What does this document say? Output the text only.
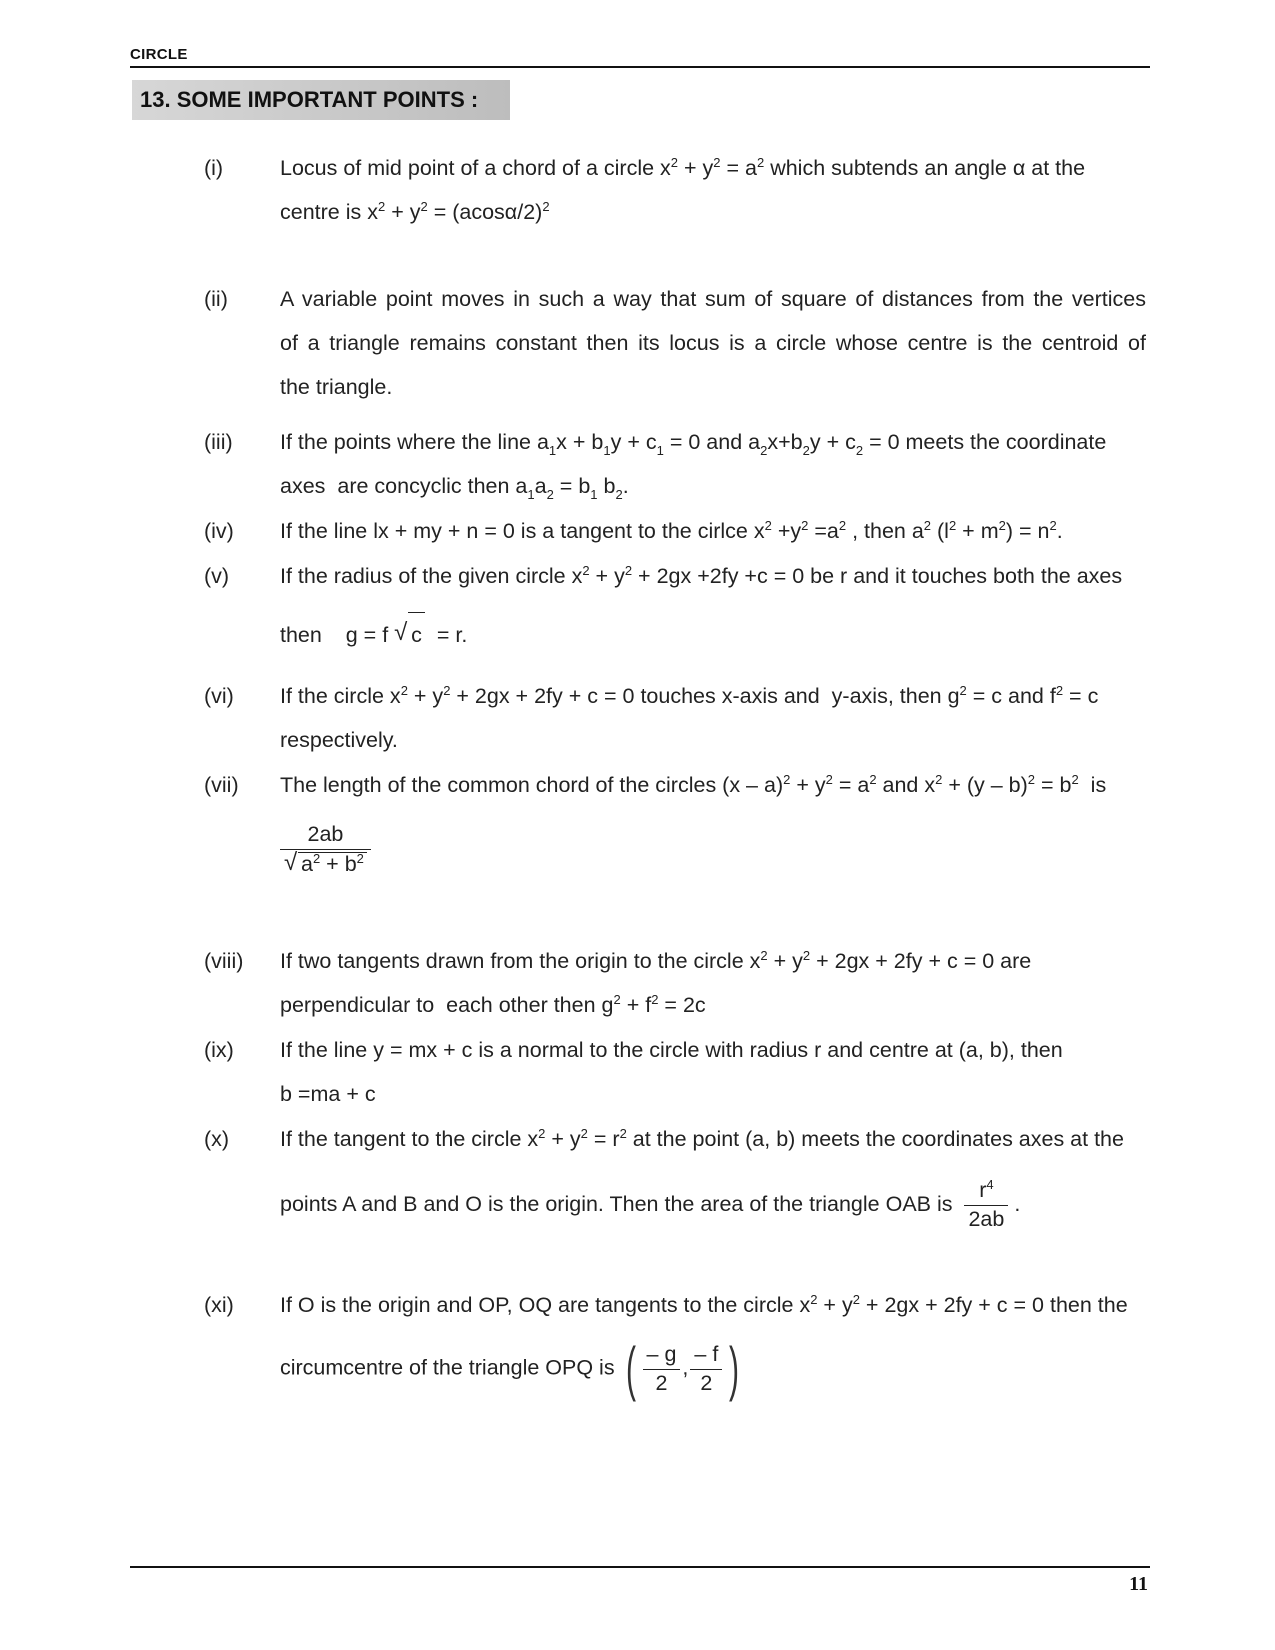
CIRCLE
13. SOME IMPORTANT POINTS :
(i)	Locus of mid point of a chord of a circle $x^2 + y^2 = a^2$ which subtends an angle α at the
centre is $x^2 + y^2 = (acos\alpha/2)^2$
(ii) A variable point moves in such a way that sum of square of distances from the vertices
of a triangle remains constant then its locus is a circle whose centre is the centroid of
the triangle.
(iii) If the points where the line $a_1x + b_1y + c_1 = 0$ and $a_2x+b_2y + c_2 = 0$ meets the coordinate
axes  are concyclic then $a_1a_2 = b_1$ $b_2$.
(iv) If the line lx + my + n = 0 is a tangent to the cirlce $x^2 +y^2 =a^2$ , then $a^2$ $(l^2 + m^2) = n^2$.
(v) If the radius of the given circle $x^2 + y^2 + 2gx +2fy +c = 0$ be r and it touches both the axes
then    g = f √ c  = r.
(vi) If the circle $x^2 + y^2 + 2gx + 2fy + c = 0$ touches x-axis and  y-axis, then $g^2 = c$ and $f^2 = c$
respectively.
(vii) The length of the common chord of the circles $(x - a)^2 + y^2 = a^2$ and $x^2 + (y - b)^2 = b^2$  is
2ab
√ $a^2 + b^2$
(viii) If two tangents drawn from the origin to the circle $x^2 + y^2 + 2gx + 2fy + c = 0$ are
perpendicular to  each other then $g^2 + f^2 = 2c$
(ix) If the line y = mx + c is a normal to the circle with radius r and centre at (a, b), then
b =ma + c
(x) If the tangent to the circle $x^2 + y^2 = r^2$ at the point (a, b) meets the coordinates axes at the
points A and B and O is the origin. Then the area of the triangle OAB is $\frac{r^4}{2ab}$ .
(xi) If O is the origin and OP, OQ are tangents to the circle $x^2 + y^2 + 2gx + 2fy + c = 0$ then the
circumcentre of the triangle OPQ is ( $\frac{- g}{2}$ , $\frac{- f}{2}$ )
11
